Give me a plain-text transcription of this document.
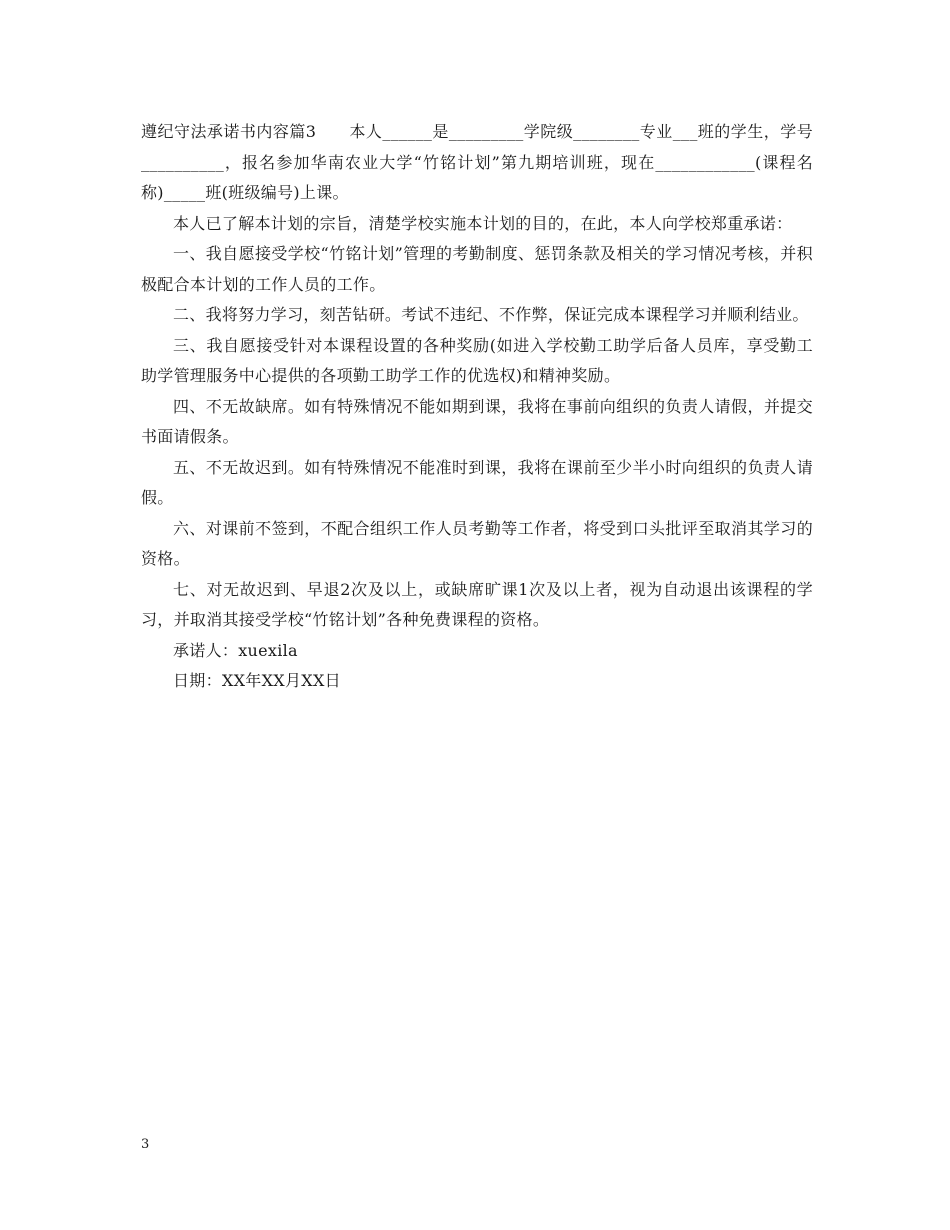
遵纪守法承诺书内容篇3　　本人______是_________学院级________专业___班的学生，学号__________，报名参加华南农业大学“竹铭计划”第九期培训班，现在____________(课程名称)_____班(班级编号)上课。

本人已了解本计划的宗旨，清楚学校实施本计划的目的，在此，本人向学校郑重承诺：

一、我自愿接受学校“竹铭计划”管理的考勤制度、惩罚条款及相关的学习情况考核，并积极配合本计划的工作人员的工作。

二、我将努力学习，刻苦钻研。考试不违纪、不作弊，保证完成本课程学习并顺利结业。

三、我自愿接受针对本课程设置的各种奖励(如进入学校勤工助学后备人员库，享受勤工助学管理服务中心提供的各项勤工助学工作的优选权)和精神奖励。

四、不无故缺席。如有特殊情况不能如期到课，我将在事前向组织的负责人请假，并提交书面请假条。

五、不无故迟到。如有特殊情况不能准时到课，我将在课前至少半小时向组织的负责人请假。

六、对课前不签到，不配合组织工作人员考勤等工作者，将受到口头批评至取消其学习的资格。

七、对无故迟到、早退2次及以上，或缺席旷课1次及以上者，视为自动退出该课程的学习，并取消其接受学校“竹铭计划”各种免费课程的资格。

承诺人：xuexila

日期：XX年XX月XX日

3
